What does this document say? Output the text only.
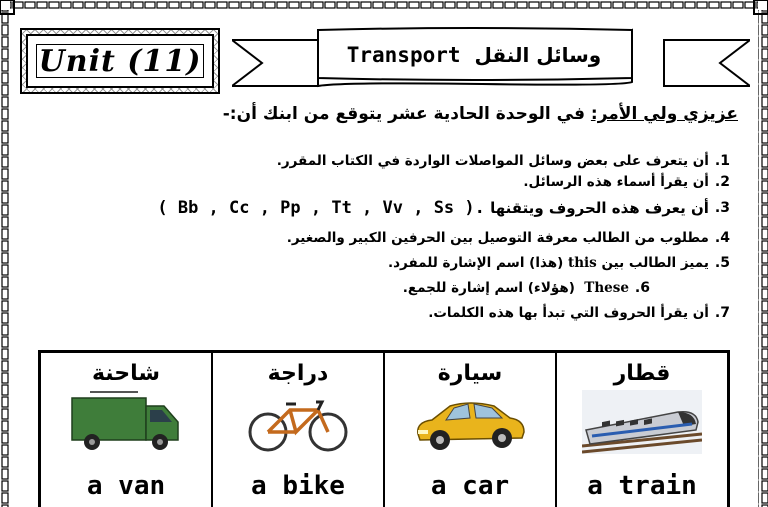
Unit (11)	Transport وسائل النقل
عزيزي ولي الأمر: في الوحدة الحادية عشر يتوقع من ابنك أن:-
1.
أن يتعرف على بعض وسائل المواصلات الواردة في الكتاب المقرر.
2.
أن يقرأ أسماء هذه الرسائل.
3.
أن يعرف هذه الحروف ويتقنها

( Bb , Cc , Pp , Tt , Vv , Ss ).
4.
مطلوب من الطالب معرفة التوصيل بين الحرفين الكبير والصغير.
5.
يميز الطالب بين

this

(هذا) اسم الإشارة للمفرد.
6.
These

(هؤلاء) اسم إشارة للجمع.
7.
أن يقرأ الحروف التي تبدأ بها هذه الكلمات.
قطار
a train
سيارة
a car
دراجة
a bike
شاحنة
a van
